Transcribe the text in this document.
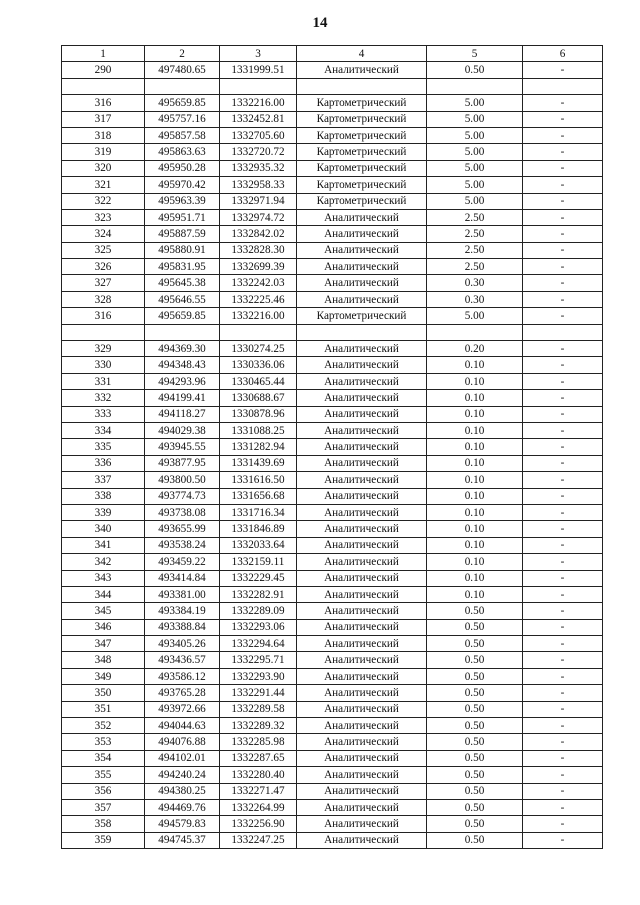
14
1	2	3	4	5	6
290	497480.65	1331999.51	Аналитический	0.50	-

316	495659.85	1332216.00	Картометрический	5.00	-
317	495757.16	1332452.81	Картометрический	5.00	-
318	495857.58	1332705.60	Картометрический	5.00	-
319	495863.63	1332720.72	Картометрический	5.00	-
320	495950.28	1332935.32	Картометрический	5.00	-
321	495970.42	1332958.33	Картометрический	5.00	-
322	495963.39	1332971.94	Картометрический	5.00	-
323	495951.71	1332974.72	Аналитический	2.50	-
324	495887.59	1332842.02	Аналитический	2.50	-
325	495880.91	1332828.30	Аналитический	2.50	-
326	495831.95	1332699.39	Аналитический	2.50	-
327	495645.38	1332242.03	Аналитический	0.30	-
328	495646.55	1332225.46	Аналитический	0.30	-
316	495659.85	1332216.00	Картометрический	5.00	-

329	494369.30	1330274.25	Аналитический	0.20	-
330	494348.43	1330336.06	Аналитический	0.10	-
331	494293.96	1330465.44	Аналитический	0.10	-
332	494199.41	1330688.67	Аналитический	0.10	-
333	494118.27	1330878.96	Аналитический	0.10	-
334	494029.38	1331088.25	Аналитический	0.10	-
335	493945.55	1331282.94	Аналитический	0.10	-
336	493877.95	1331439.69	Аналитический	0.10	-
337	493800.50	1331616.50	Аналитический	0.10	-
338	493774.73	1331656.68	Аналитический	0.10	-
339	493738.08	1331716.34	Аналитический	0.10	-
340	493655.99	1331846.89	Аналитический	0.10	-
341	493538.24	1332033.64	Аналитический	0.10	-
342	493459.22	1332159.11	Аналитический	0.10	-
343	493414.84	1332229.45	Аналитический	0.10	-
344	493381.00	1332282.91	Аналитический	0.10	-
345	493384.19	1332289.09	Аналитический	0.50	-
346	493388.84	1332293.06	Аналитический	0.50	-
347	493405.26	1332294.64	Аналитический	0.50	-
348	493436.57	1332295.71	Аналитический	0.50	-
349	493586.12	1332293.90	Аналитический	0.50	-
350	493765.28	1332291.44	Аналитический	0.50	-
351	493972.66	1332289.58	Аналитический	0.50	-
352	494044.63	1332289.32	Аналитический	0.50	-
353	494076.88	1332285.98	Аналитический	0.50	-
354	494102.01	1332287.65	Аналитический	0.50	-
355	494240.24	1332280.40	Аналитический	0.50	-
356	494380.25	1332271.47	Аналитический	0.50	-
357	494469.76	1332264.99	Аналитический	0.50	-
358	494579.83	1332256.90	Аналитический	0.50	-
359	494745.37	1332247.25	Аналитический	0.50	-
